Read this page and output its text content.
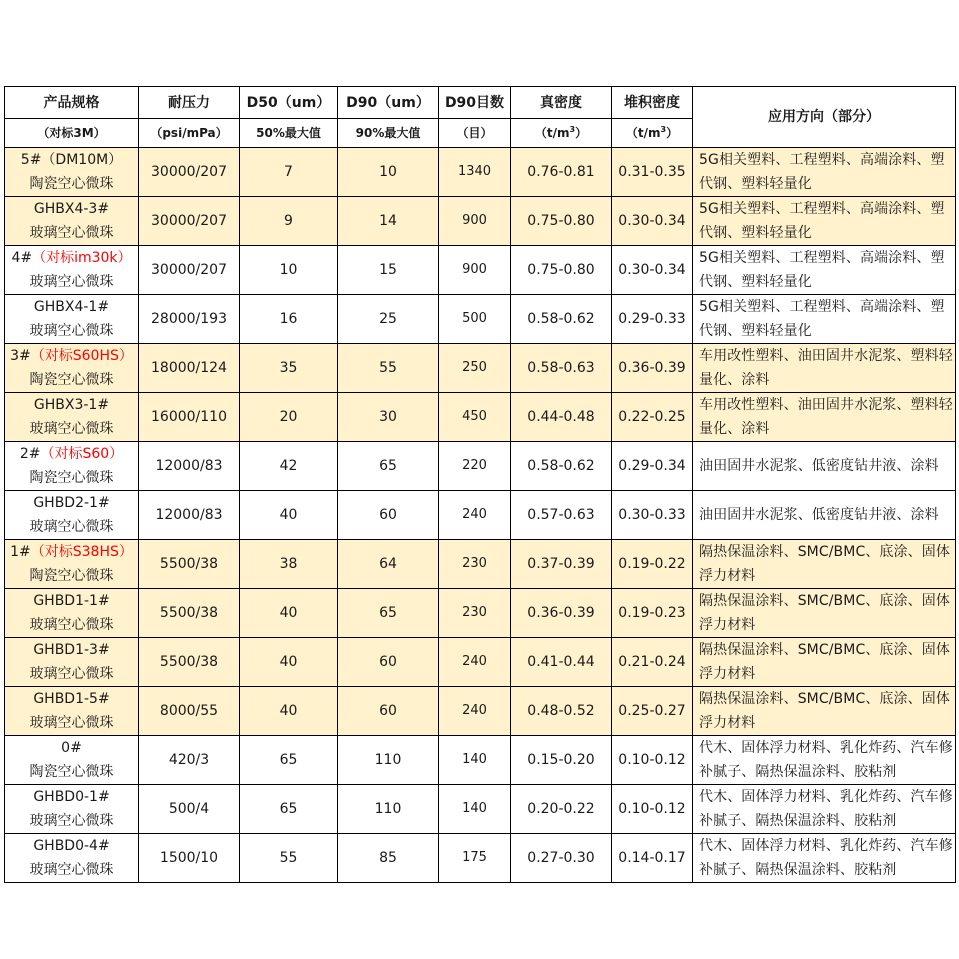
产品规格	耐压力	D50（um）	D90（um）	D90目数	真密度	堆积密度	应用方向（部分）
（对标3M）	（psi/mPa）	50%最大值	90%最大值	（目）	$(t/m^3)$	$(t/m^3)$	

5#（DM10M）
陶瓷空心微珠	30000/207	7	10	1340	0.76-0.81	0.31-0.35	5G相关塑料、工程塑料、高端涂料、塑代钢、塑料轻量化

GHBX4-3#
玻璃空心微珠	30000/207	9	14	900	0.75-0.80	0.30-0.34	5G相关塑料、工程塑料、高端涂料、塑代钢、塑料轻量化

4#（对标im30k）
玻璃空心微珠	30000/207	10	15	900	0.75-0.80	0.30-0.34	5G相关塑料、工程塑料、高端涂料、塑代钢、塑料轻量化

GHBX4-1#
玻璃空心微珠	28000/193	16	25	500	0.58-0.62	0.29-0.33	5G相关塑料、工程塑料、高端涂料、塑代钢、塑料轻量化

3#（对标S60HS）
陶瓷空心微珠	18000/124	35	55	250	0.58-0.63	0.36-0.39	车用改性塑料、油田固井水泥浆、塑料轻量化、涂料

GHBX3-1#
玻璃空心微珠	16000/110	20	30	450	0.44-0.48	0.22-0.25	车用改性塑料、油田固井水泥浆、塑料轻量化、涂料

2#（对标S60）
陶瓷空心微珠	12000/83	42	65	220	0.58-0.62	0.29-0.34	油田固井水泥浆、低密度钻井液、涂料

GHBD2-1#
玻璃空心微珠	12000/83	40	60	240	0.57-0.63	0.30-0.33	油田固井水泥浆、低密度钻井液、涂料

1#（对标S38HS）
陶瓷空心微珠	5500/38	38	64	230	0.37-0.39	0.19-0.22	隔热保温涂料、SMC/BMC、底涂、固体浮力材料

GHBD1-1#
玻璃空心微珠	5500/38	40	65	230	0.36-0.39	0.19-0.23	隔热保温涂料、SMC/BMC、底涂、固体浮力材料

GHBD1-3#
玻璃空心微珠	5500/38	40	60	240	0.41-0.44	0.21-0.24	隔热保温涂料、SMC/BMC、底涂、固体浮力材料

GHBD1-5#
玻璃空心微珠	8000/55	40	60	240	0.48-0.52	0.25-0.27	隔热保温涂料、SMC/BMC、底涂、固体浮力材料

0#
陶瓷空心微珠	420/3	65	110	140	0.15-0.20	0.10-0.12	代木、固体浮力材料、乳化炸药、汽车修补腻子、隔热保温涂料、胶粘剂

GHBD0-1#
玻璃空心微珠	500/4	65	110	140	0.20-0.22	0.10-0.12	代木、固体浮力材料、乳化炸药、汽车修补腻子、隔热保温涂料、胶粘剂

GHBD0-4#
玻璃空心微珠	1500/10	55	85	175	0.27-0.30	0.14-0.17	代木、固体浮力材料、乳化炸药、汽车修补腻子、隔热保温涂料、胶粘剂
